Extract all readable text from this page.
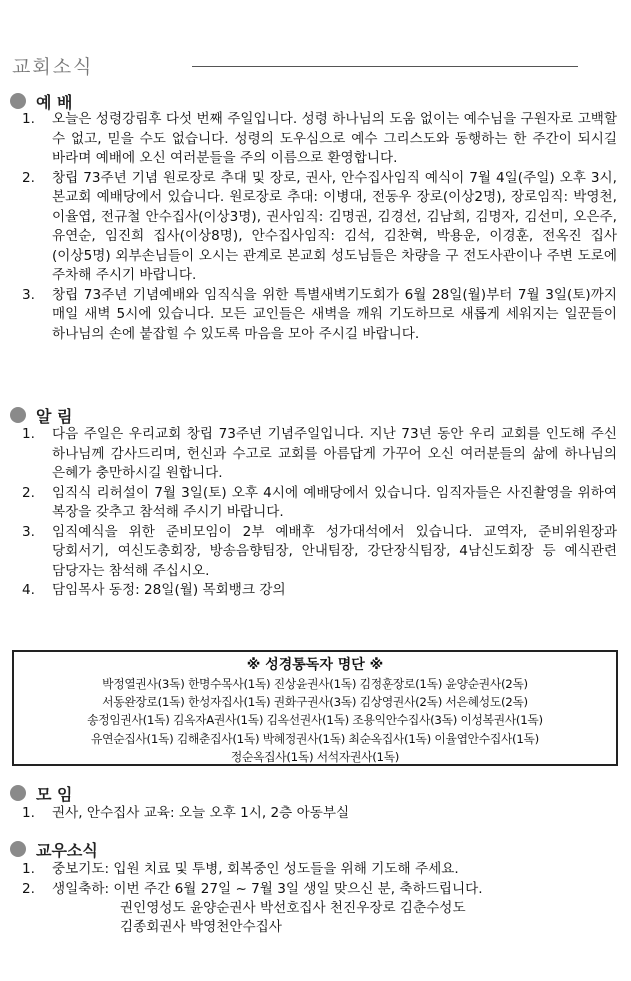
교회소식
예 배
1. 오늘은 성령강림후 다섯 번째 주일입니다. 성령 하나님의 도움 없이는 예수님을 구원자로 고백할 수 없고, 믿을 수도 없습니다. 성령의 도우심으로 예수 그리스도와 동행하는 한 주간이 되시길 바라며 예배에 오신 여러분들을 주의 이름으로 환영합니다.
2. 창립 73주년 기념 원로장로 추대 및 장로, 권사, 안수집사임직 예식이 7월 4일(주일) 오후 3시, 본교회 예배당에서 있습니다. 원로장로 추대: 이병대, 전동우 장로(이상2명), 장로임직: 박영천, 이율엽, 전규철 안수집사(이상3명), 권사임직: 김명권, 김경선, 김남희, 김명자, 김선미, 오은주, 유연순, 임진희 집사(이상8명), 안수집사임직: 김석, 김찬혁, 박용운, 이경훈, 전옥진 집사(이상5명) 외부손님들이 오시는 관계로 본교회 성도님들은 차량을 구 전도사관이나 주변 도로에 주차해 주시기 바랍니다.
3. 창립 73주년 기념예배와 임직식을 위한 특별새벽기도회가 6월 28일(월)부터 7월 3일(토)까지 매일 새벽 5시에 있습니다. 모든 교인들은 새벽을 깨워 기도하므로 새롭게 세워지는 일꾼들이 하나님의 손에 붙잡힐 수 있도록 마음을 모아 주시길 바랍니다.
알 림
1. 다음 주일은 우리교회 창립 73주년 기념주일입니다. 지난 73년 동안 우리 교회를 인도해 주신 하나님께 감사드리며, 헌신과 수고로 교회를 아름답게 가꾸어 오신 여러분들의 삶에 하나님의 은혜가 충만하시길 원합니다.
2. 임직식 리허설이 7월 3일(토) 오후 4시에 예배당에서 있습니다. 임직자들은 사진촬영을 위하여 복장을 갖추고 참석해 주시기 바랍니다.
3. 임직예식을 위한 준비모임이 2부 예배후 성가대석에서 있습니다. 교역자, 준비위원장과 당회서기, 여신도총회장, 방송음향팀장, 안내팀장, 강단장식팀장, 4남신도회장 등 예식관련 담당자는 참석해 주십시오.
4. 담임목사 동정: 28일(월) 목회뱅크 강의
※ 성경통독자 명단 ※
박정열권사(3독) 한명수목사(1독) 진상윤권사(1독) 김정훈장로(1독) 윤양순권사(2독)
서동완장로(1독) 한성자집사(1독) 권화구권사(3독) 김상영권사(2독) 서은혜성도(2독)
송정임권사(1독) 김옥자A권사(1독) 김옥선권사(1독) 조용익안수집사(3독) 이성복권사(1독)
유연순집사(1독) 김해춘집사(1독) 박혜정권사(1독) 최순옥집사(1독) 이율엽안수집사(1독)
정순옥집사(1독) 서석자권사(1독)
모 임
1. 권사, 안수집사 교육: 오늘 오후 1시, 2층 아동부실
교우소식
1. 중보기도: 입원 치료 및 투병, 회복중인 성도들을 위해 기도해 주세요.
2. 생일축하: 이번 주간 6월 27일 ~ 7월 3일 생일 맞으신 분, 축하드립니다.
권인영성도 윤양순권사 박선호집사 천진우장로 김춘수성도
김종회권사 박영천안수집사
